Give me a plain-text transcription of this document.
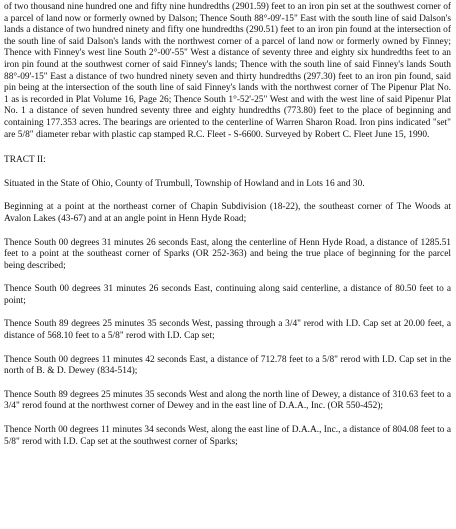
of two thousand nine hundred one and fifty nine hundredths (2901.59) feet to an iron pin set at the southwest corner of a parcel of land now or formerly owned by Dalson; Thence South 88°-09'-15" East with the south line of said Dalson's lands a distance of two hundred ninety and fifty one hundredths (290.51) feet to an iron pin found at the intersection of the south line of said Dalson's lands with the northwest corner of a parcel of land now or formerly owned by Finney; Thence with Finney's west line South 2°-00'-55" West a distance of seventy three and eighty six hundredths feet to an iron pin found at the southwest corner of said Finney's lands; Thence with the south line of said Finney's lands South 88°-09'-15" East a distance of two hundred ninety seven and thirty hundredths (297.30) feet to an iron pin found, said pin being at the intersection of the south line of said Finney's lands with the northwest corner of The Pipenur Plat No. 1 as is recorded in Plat Volume 16, Page 26; Thence South 1°-52'-25" West and with the west line of said Pipenur Plat No. 1 a distance of seven hundred seventy three and eighty hundredths (773.80) feet to the place of beginning and containing 177.353 acres. The bearings are oriented to the centerline of Warren Sharon Road. Iron pins indicated "set" are 5/8" diameter rebar with plastic cap stamped R.C. Fleet - S-6600. Surveyed by Robert C. Fleet June 15, 1990.

TRACT II:

Situated in the State of Ohio, County of Trumbull, Township of Howland and in Lots 16 and 30.

Beginning at a point at the northeast corner of Chapin Subdivision (18-22), the southeast corner of The Woods at Avalon Lakes (43-67) and at an angle point in Henn Hyde Road;

Thence South 00 degrees 31 minutes 26 seconds East, along the centerline of Henn Hyde Road, a distance of 1285.51 feet to a point at the southeast corner of Sparks (OR 252-363) and being the true place of beginning for the parcel being described;

Thence South 00 degrees 31 minutes 26 seconds East, continuing along said centerline, a distance of 80.50 feet to a point;

Thence South 89 degrees 25 minutes 35 seconds West, passing through a 3/4" rerod with I.D. Cap set at 20.00 feet, a distance of 568.10 feet to a 5/8" rerod with I.D. Cap set;

Thence South 00 degrees 11 minutes 42 seconds East, a distance of 712.78 feet to a 5/8" rerod with I.D. Cap set in the north of B. & D. Dewey (834-514);

Thence South 89 degrees 25 minutes 35 seconds West and along the north line of Dewey, a distance of 310.63 feet to a 3/4" rerod found at the northwest corner of Dewey and in the east line of D.A.A., Inc. (OR 550-452);

Thence North 00 degrees 11 minutes 34 seconds West, along the east line of D.A.A., Inc., a distance of 804.08 feet to a 5/8" rerod with I.D. Cap set at the southwest corner of Sparks;
